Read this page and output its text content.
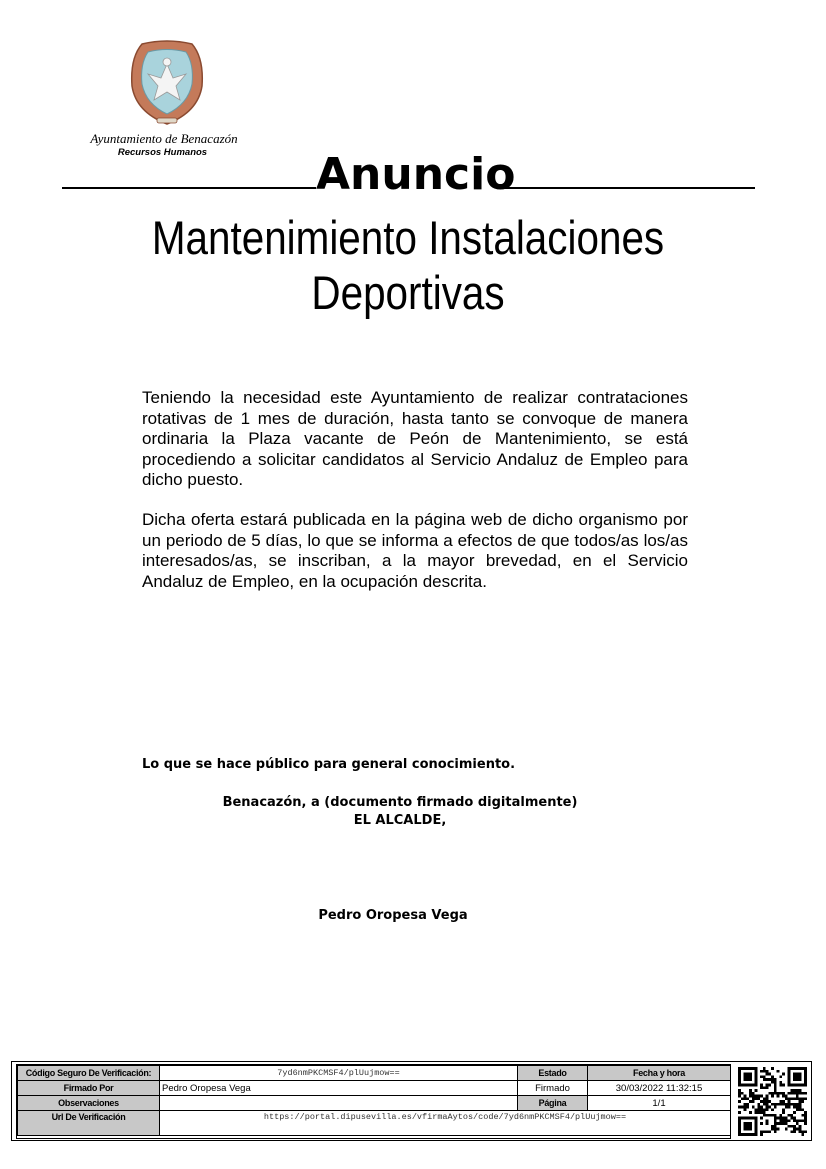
Ayuntamiento de Benacazón
Recursos Humanos	Anuncio
Mantenimiento Instalaciones
Deportivas
Teniendo la necesidad este Ayuntamiento de realizar contrataciones rotativas de 1 mes de duración, hasta tanto se convoque de manera ordinaria la Plaza vacante de Peón de Mantenimiento, se está procediendo a solicitar candidatos al Servicio Andaluz de Empleo para dicho puesto.
Dicha oferta estará publicada en la página web de dicho organismo por un periodo de 5 días, lo que se informa a efectos de que todos/as los/as interesados/as, se inscriban, a la mayor brevedad, en el Servicio Andaluz de Empleo, en la ocupación descrita.
Lo que se hace público para general conocimiento.
Benacazón, a (documento firmado digitalmente)
EL ALCALDE,
Pedro Oropesa Vega
Código Seguro De Verificación:	7yd6nmPKCMSF4/plUujmow==	Estado	Fecha y hora
Firmado Por	Pedro Oropesa Vega	Firmado	30/03/2022 11:32:15
Observaciones		Página	1/1
Url De Verificación	https://portal.dipusevilla.es/vfirmaAytos/code/7yd6nmPKCMSF4/plUujmow==		
